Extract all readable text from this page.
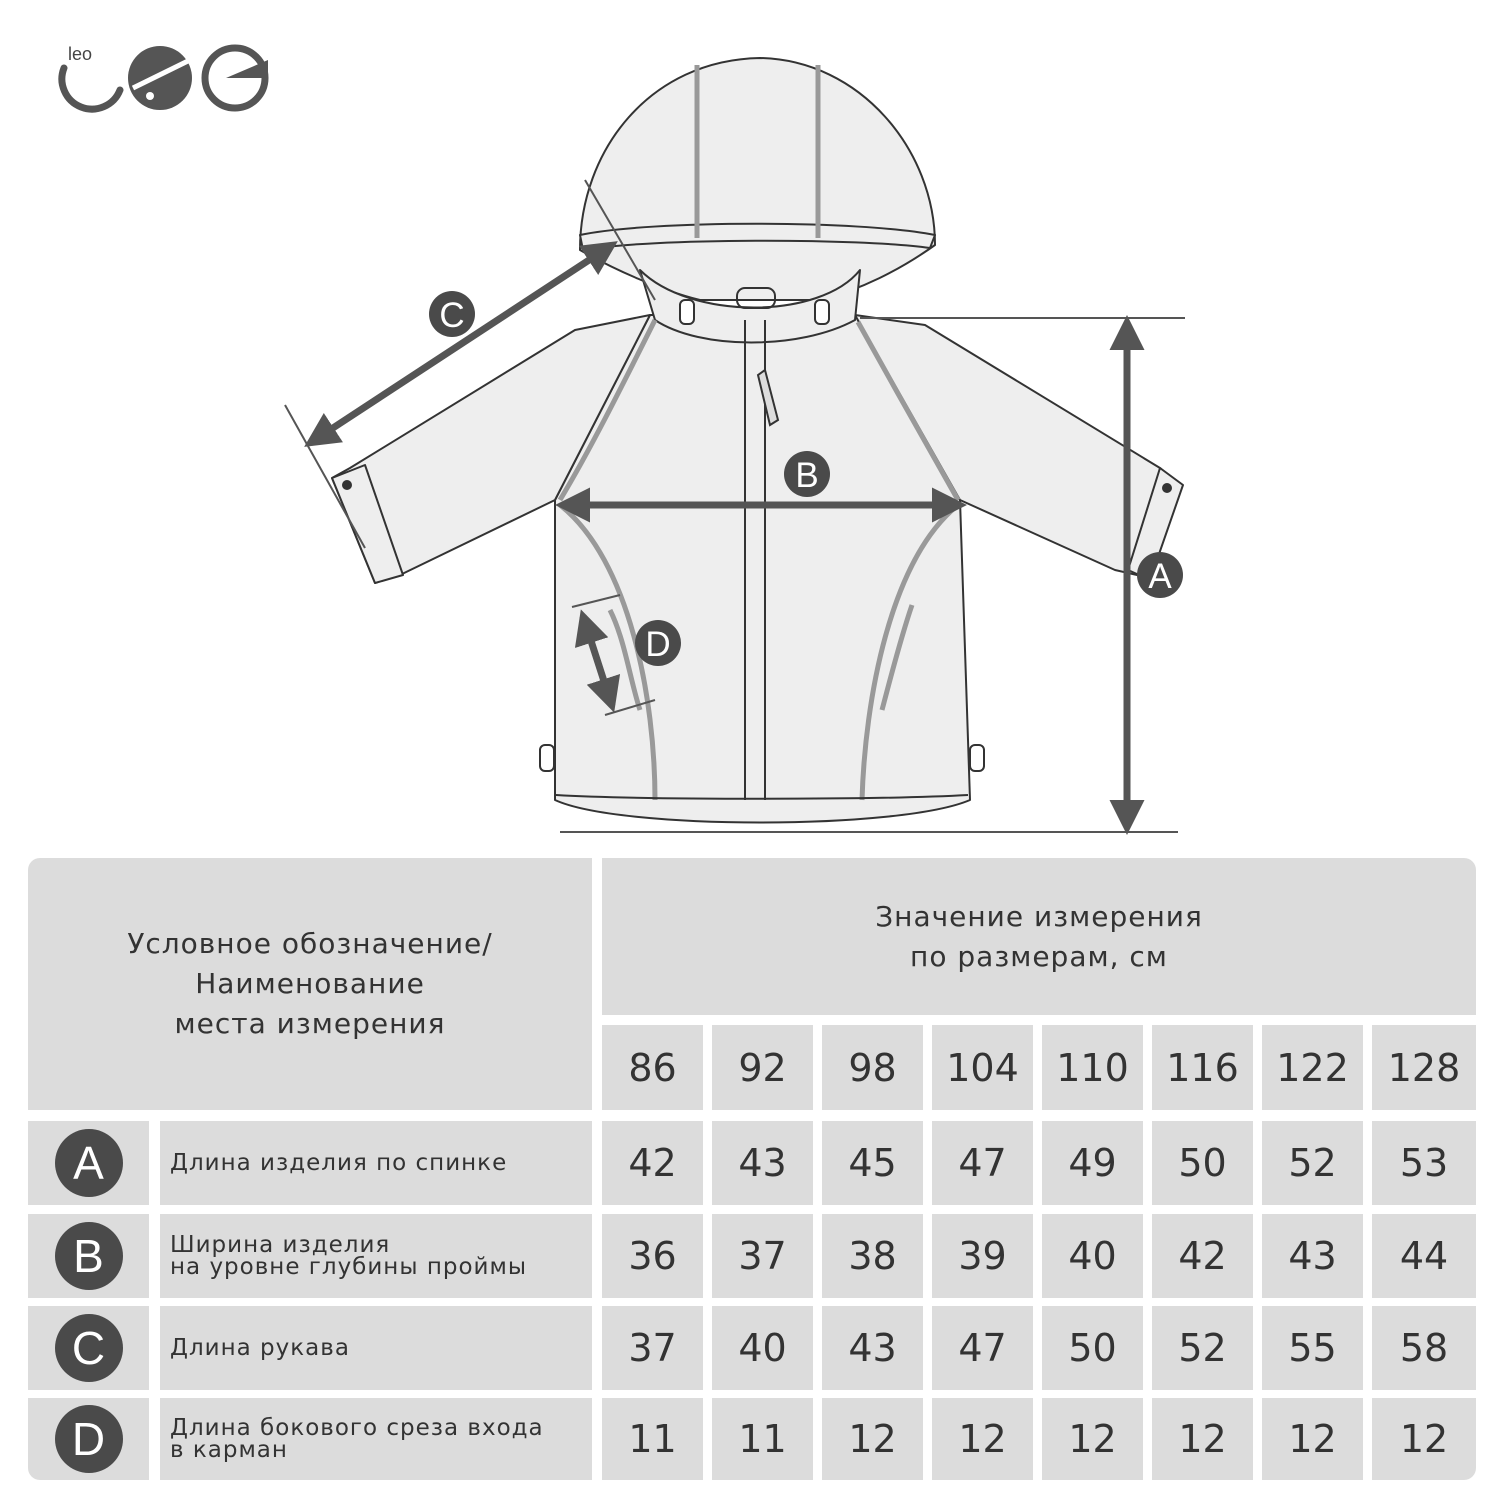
leo
A
B
C
D
Условное обозначение/
Наименование
места измерения
Значение измерения
по размерам, см
86 92 98 104 110 116 122 128
A	Длина изделия по спинке	42 43 45 47 49 50 52 53
B	Ширина изделия
на уровне глубины проймы	36 37 38 39 40 42 43 44
C	Длина рукава	37 40 43 47 50 52 55 58
D	Длина бокового среза входа
в карман	11 11 12 12 12 12 12 12
